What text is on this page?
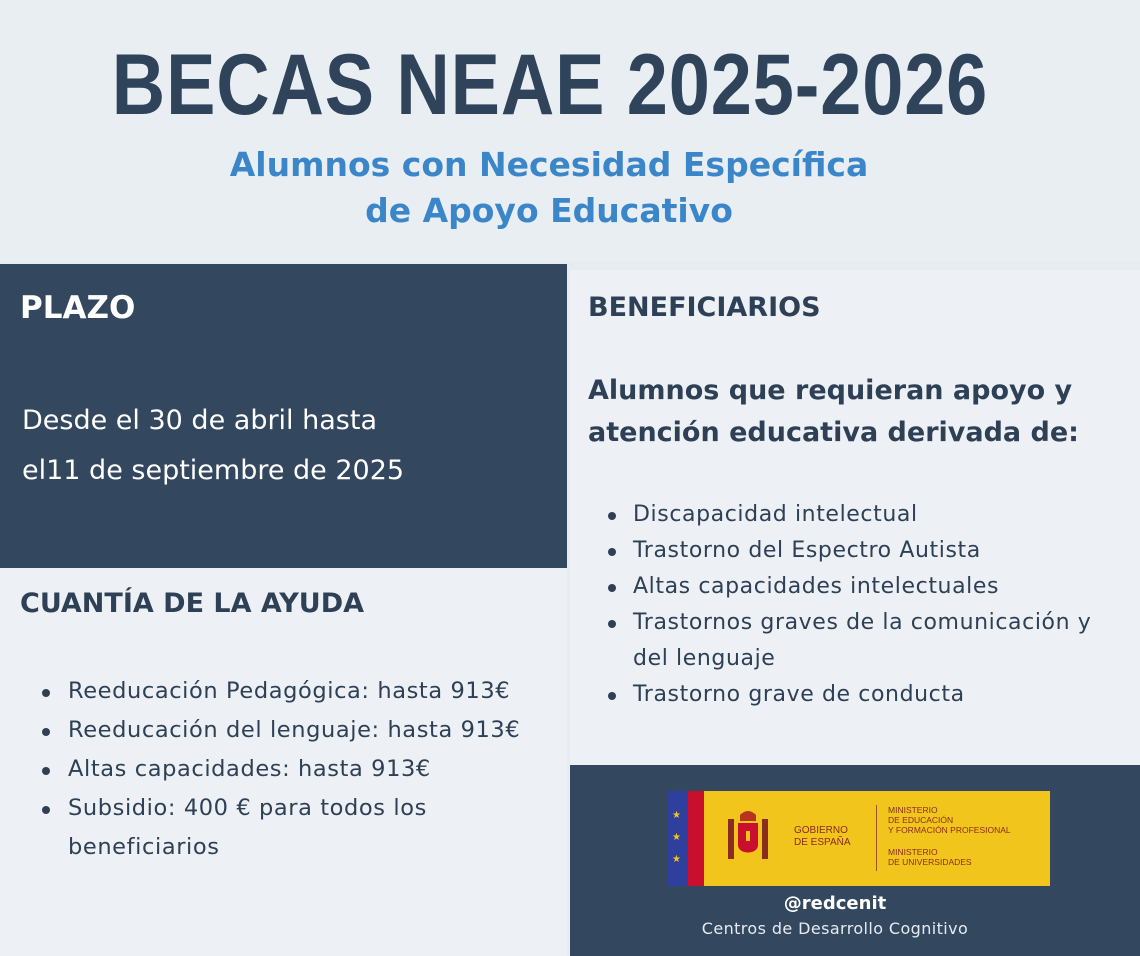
BECAS NEAE 2025-2026
Alumnos con Necesidad Específica
de Apoyo Educativo
PLAZO

Desde el 30 de abril hasta
el11 de septiembre de 2025

BENEFICIARIOS
Alumnos que requieran apoyo y
atención educativa derivada de:
Discapacidad intelectual
Trastorno del Espectro Autista
Altas capacidades intelectuales
Trastornos graves de la comunicación y del lenguaje
Trastorno grave de conducta
CUANTÍA DE LA AYUDA
Reeducación Pedagógica: hasta 913€
Reeducación del lenguaje: hasta 913€
Altas capacidades: hasta 913€
Subsidio: 400 € para todos los beneficiarios
★
★
★
GOBIERNO
DE ESPAÑA
MINISTERIO
DE EDUCACIÓN
Y FORMACIÓN PROFESIONAL
MINISTERIO
DE UNIVERSIDADES
@redcenit
Centros de Desarrollo Cognitivo
